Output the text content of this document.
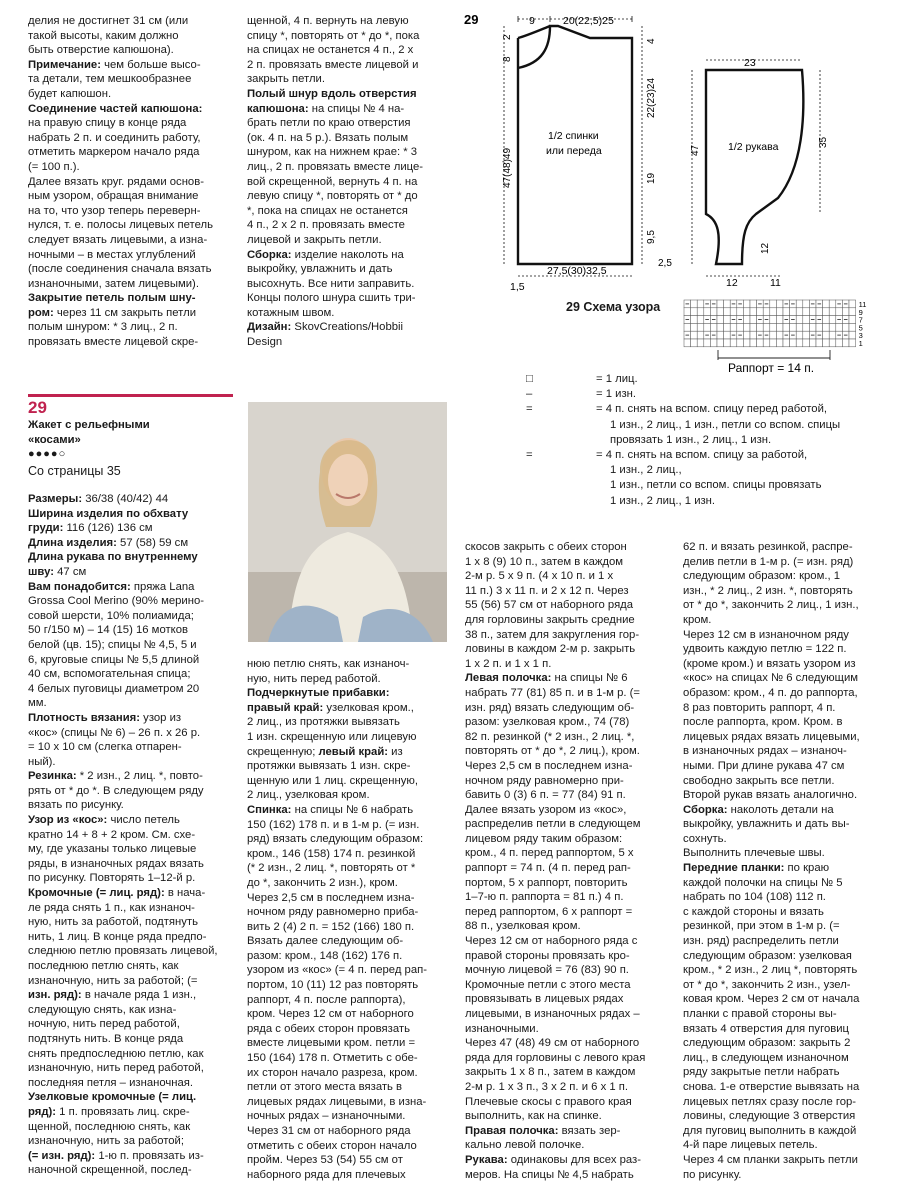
делия не достигнет 31 см (или

такой высоты, каким должно

быть отверстие капюшона).

Примечание: чем больше высо-

та детали, тем мешкообразнее

будет капюшон.

Соединение частей капюшона:

на правую спицу в конце ряда

набрать 2 п. и соединить работу,

отметить маркером начало ряда

(= 100 п.).

Далее вязать круг. рядами основ-

ным узором, обращая внимание

на то, что узор теперь переверн-

нулся, т. е. полосы лицевых петель

следует вязать лицевыми, а изна-

ночными – в местах углублений

(после соединения сначала вязать

изнаночными, затем лицевыми).

Закрытие петель полым шну-

ром: через 11 см закрыть петли

полым шнуром: * 3 лиц., 2 п.

провязать вместе лицевой скре-

щенной, 4 п. вернуть на левую

спицу *, повторять от * до *, пока

на спицах не останется 4 п., 2 х

2 п. провязать вместе лицевой и

закрыть петли.

Полый шнур вдоль отверстия

капюшона: на спицы № 4 на-

брать петли по краю отверстия

(ок. 4 п. на 5 р.). Вязать полым

шнуром, как на нижнем крае: * 3

лиц., 2 п. провязать вместе лице-

вой скрещенной, вернуть 4 п. на

левую спицу *, повторять от * до

*, пока на спицах не останется

4 п., 2 х 2 п. провязать вместе

лицевой и закрыть петли.

Сборка: изделие наколоть на

выкройку, увлажнить и дать

высохнуть. Все нити заправить.

Концы полого шнура сшить три-

котажным швом.

Дизайн: SkovCreations/Hobbii

Design

29

Жакет с рельефными

«косами»

●●●●○

Со страницы 35

Размеры: 36/38 (40/42) 44

Ширина изделия по обхвату

груди: 116 (126) 136 см

Длина изделия: 57 (58) 59 см

Длина рукава по внутреннему

шву: 47 см

Вам понадобится: пряжа Lana

Grossa Cool Merino (90% мерино-

совой шерсти, 10% полиамида;

50 г/150 м) – 14 (15) 16 мотков

белой (цв. 15); спицы № 4,5, 5 и

6, круговые спицы № 5,5 длиной

40 см, вспомогательная спица;

4 белых пуговицы диаметром 20

мм.

Плотность вязания: узор из

«кос» (спицы № 6) – 26 п. х 26 р.

= 10 х 10 см (слегка отпарен-

ный).

Резинка: * 2 изн., 2 лиц. *, повто-

рять от * до *. В следующем ряду

вязать по рисунку.

Узор из «кос»: число петель

кратно 14 + 8 + 2 кром. См. схе-

му, где указаны только лицевые

ряды, в изнаночных рядах вязать

по рисунку. Повторять 1–12-й р.

Кромочные (= лиц. ряд): в нача-

ле ряда снять 1 п., как изнаноч-

ную, нить за работой, подтянуть

нить, 1 лиц. В конце ряда предпо-

следнюю петлю провязать лицевой,

последнюю петлю снять, как

изнаночную, нить за работой; (=

изн. ряд): в начале ряда 1 изн.,

следующую снять, как изна-

ночную, нить перед работой,

подтянуть нить. В конце ряда

снять предпоследнюю петлю, как

изнаночную, нить перед работой,

последняя петля – изнаночная.

Узелковые кромочные (= лиц.

ряд): 1 п. провязать лиц. скре-

щенной, последнюю снять, как

изнаночную, нить за работой;

(= изн. ряд): 1-ю п. провязать из-

наночной скрещенной, послед-

нюю петлю снять, как изнаноч-

ную, нить перед работой.

Подчеркнутые прибавки:

правый край: узелковая кром.,

2 лиц., из протяжки вывязать

1 изн. скрещенную или лицевую

скрещенную; левый край: из

протяжки вывязать 1 изн. скре-

щенную или 1 лиц. скрещенную,

2 лиц., узелковая кром.

Спинка: на спицы № 6 набрать

150 (162) 178 п. и в 1-м р. (= изн.

ряд) вязать следующим образом:

кром., 146 (158) 174 п. резинкой

(* 2 изн., 2 лиц. *, повторять от *

до *, закончить 2 изн.), кром.

Через 2,5 см в последнем изна-

ночном ряду равномерно приба-

вить 2 (4) 2 п. = 152 (166) 180 п.

Вязать далее следующим об-

разом: кром., 148 (162) 176 п.

узором из «кос» (= 4 п. перед рап-

портом, 10 (11) 12 раз повторять

раппорт, 4 п. после раппорта),

кром. Через 12 см от наборного

ряда с обеих сторон провязать

вместе лицевыми кром. петли =

150 (164) 178 п. Отметить с обе-

их сторон начало разреза, кром.

петли от этого места вязать в

лицевых рядах лицевыми, в изна-

ночных рядах – изнаночными.

Через 31 см от наборного ряда

отметить с обеих сторон начало

пройм. Через 53 (54) 55 см от

наборного ряда для плечевых

скосов закрыть с обеих сторон

1 х 8 (9) 10 п., затем в каждом

2-м р. 5 х 9 п. (4 х 10 п. и 1 х

11 п.) 3 х 11 п. и 2 х 12 п. Через

55 (56) 57 см от наборного ряда

для горловины закрыть средние

38 п., затем для закругления гор-

ловины в каждом 2-м р. закрыть

1 х 2 п. и 1 х 1 п.

Левая полочка: на спицы № 6

набрать 77 (81) 85 п. и в 1-м р. (=

изн. ряд) вязать следующим об-

разом: узелковая кром., 74 (78)

82 п. резинкой (* 2 изн., 2 лиц. *,

повторять от * до *, 2 лиц.), кром.

Через 2,5 см в последнем изна-

ночном ряду равномерно при-

бавить 0 (3) 6 п. = 77 (84) 91 п.

Далее вязать узором из «кос»,

распределив петли в следующем

лицевом ряду таким образом:

кром., 4 п. перед раппортом, 5 х

раппорт = 74 п. (4 п. перед рап-

портом, 5 х раппорт, повторить

1–7-ю п. раппорта = 81 п.) 4 п.

перед раппортом, 6 х раппорт =

88 п., узелковая кром.

Через 12 см от наборного ряда с

правой стороны провязать кро-

мочную лицевой = 76 (83) 90 п.

Кромочные петли с этого места

провязывать в лицевых рядах

лицевыми, в изнаночных рядах –

изнаночными.

Через 47 (48) 49 см от наборного

ряда для горловины с левого края

закрыть 1 х 8 п., затем в каждом

2-м р. 1 х 3 п., 3 х 2 п. и 6 х 1 п.

Плечевые скосы с правого края

выполнить, как на спинке.

Правая полочка: вязать зер-

кально левой полочке.

Рукава: одинаковы для всех раз-

меров. На спицы № 4,5 набрать

62 п. и вязать резинкой, распре-

делив петли в 1-м р. (= изн. ряд)

следующим образом: кром., 1

изн., * 2 лиц., 2 изн. *, повторять

от * до *, закончить 2 лиц., 1 изн.,

кром.

Через 12 см в изнаночном ряду

удвоить каждую петлю = 122 п.

(кроме кром.) и вязать узором из

«кос» на спицах № 6 следующим

образом: кром., 4 п. до раппорта,

8 раз повторить раппорт, 4 п.

после раппорта, кром. Кром. в

лицевых рядах вязать лицевыми,

в изнаночных рядах – изнаноч-

ными. При длине рукава 47 см

свободно закрыть все петли.

Второй рукав вязать аналогично.

Сборка: наколоть детали на

выкройку, увлажнить и дать вы-

сохнуть.

Выполнить плечевые швы.

Передние планки: по краю

каждой полочки на спицы № 5

набрать по 104 (108) 112 п.

с каждой стороны и вязать

резинкой, при этом в 1-м р. (=

изн. ряд) распределить петли

следующим образом: узелковая

кром., * 2 изн., 2 лиц *, повторять

от * до *, закончить 2 изн., узел-

ковая кром. Через 2 см от начала

планки с правой стороны вы-

вязать 4 отверстия для пуговиц

следующим образом: закрыть 2

лиц., в следующем изнаночном

ряду закрытые петли набрать

снова. 1-е отверстие вывязать на

лицевых петлях сразу после гор-

ловины, следующие 3 отверстия

для пуговиц выполнить в каждой

4-й паре лицевых петель.

Через 4 см планки закрыть петли

по рисунку.

29	9	20(22,5)25
2
8
47(48)49
4
22(23)24
19
9,5
2,5
27,5(30)32,5
1,5
1/2 спинки
или переда
23
47
35
12
12	11
1/2 рукава
29 Схема узора	11
9
7
5
3
1
Раппорт = 14 п.
□	= 1 лиц.
–	= 1 изн.
=	= 4 п. снять на вспом. спицу перед работой,
1 изн., 2 лиц., 1 изн., петли со вспом. спицы
провязать 1 изн., 2 лиц., 1 изн.
=	= 4 п. снять на вспом. спицу за работой,
1 изн., 2 лиц.,
1 изн., петли со вспом. спицы провязать
1 изн., 2 лиц., 1 изн.
